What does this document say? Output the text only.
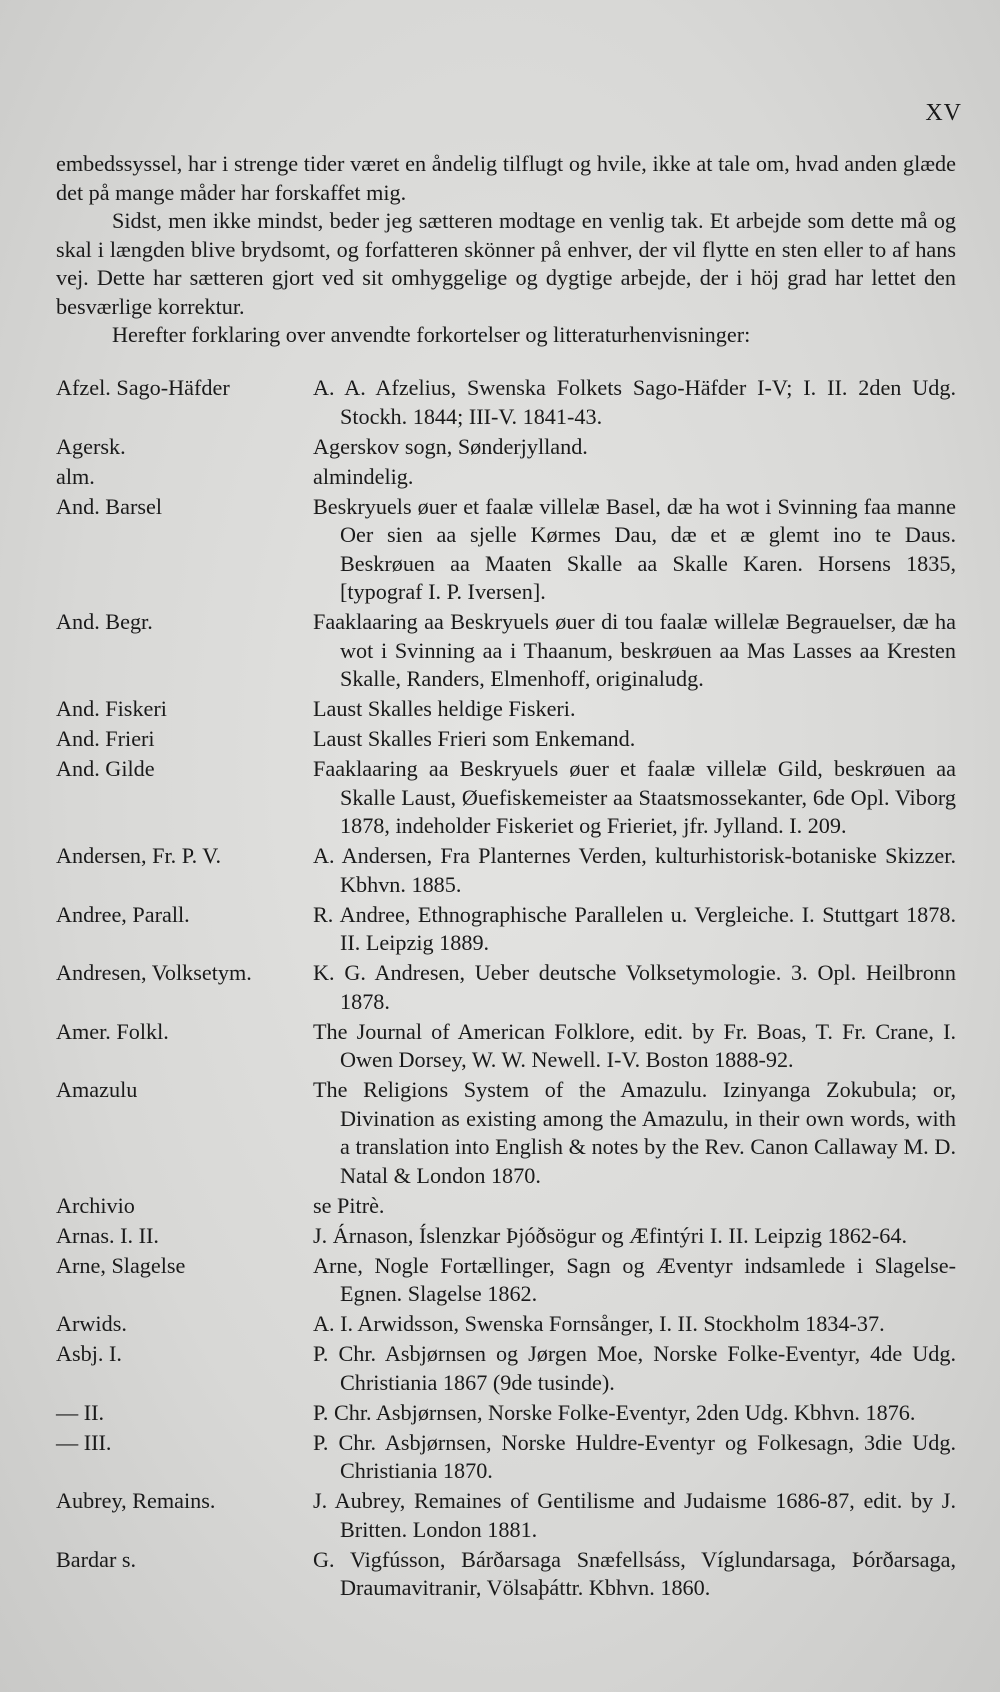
XV

embedssyssel, har i strenge tider været en åndelig tilflugt og hvile, ikke at tale om, hvad anden glæde det på mange måder har forskaffet mig.

Sidst, men ikke mindst, beder jeg sætteren modtage en venlig tak. Et arbejde som dette må og skal i længden blive brydsomt, og forfatteren skönner på enhver, der vil flytte en sten eller to af hans vej. Dette har sætteren gjort ved sit omhyggelige og dygtige arbejde, der i höj grad har lettet den besværlige korrektur.

Herefter forklaring over anvendte forkortelser og litteraturhenvisninger:

Afzel. Sago-Häfder	A. A. Afzelius, Swenska Folkets Sago-Häfder I-V; I. II. 2den Udg. Stockh. 1844; III-V. 1841-43.
Agersk.	Agerskov sogn, Sønderjylland.
alm.	almindelig.
And. Barsel	Beskryuels øuer et faalæ villelæ Basel, dæ ha wot i Svinning faa manne Oer sien aa sjelle Kørmes Dau, dæ et æ glemt ino te Daus. Beskrøuen aa Maaten Skalle aa Skalle Karen. Horsens 1835, [typograf I. P. Iversen].
And. Begr.	Faaklaaring aa Beskryuels øuer di tou faalæ willelæ Begrauelser, dæ ha wot i Svinning aa i Thaanum, beskrøuen aa Mas Lasses aa Kresten Skalle, Randers, Elmenhoff, originaludg.
And. Fiskeri	Laust Skalles heldige Fiskeri.
And. Frieri	Laust Skalles Frieri som Enkemand.
And. Gilde	Faaklaaring aa Beskryuels øuer et faalæ villelæ Gild, beskrøuen aa Skalle Laust, Øuefiskemeister aa Staatsmossekanter, 6de Opl. Viborg 1878, indeholder Fiskeriet og Frieriet, jfr. Jylland. I. 209.
Andersen, Fr. P. V.	A. Andersen, Fra Planternes Verden, kulturhistorisk-botaniske Skizzer. Kbhvn. 1885.
Andree, Parall.	R. Andree, Ethnographische Parallelen u. Vergleiche. I. Stuttgart 1878. II. Leipzig 1889.
Andresen, Volksetym.	K. G. Andresen, Ueber deutsche Volksetymologie. 3. Opl. Heilbronn 1878.
Amer. Folkl.	The Journal of American Folklore, edit. by Fr. Boas, T. Fr. Crane, I. Owen Dorsey, W. W. Newell. I-V. Boston 1888-92.
Amazulu	The Religions System of the Amazulu. Izinyanga Zokubula; or, Divination as existing among the Amazulu, in their own words, with a translation into English & notes by the Rev. Canon Callaway M. D. Natal & London 1870.
Archivio	se Pitrè.
Arnas. I. II.	J. Árnason, Íslenzkar Þjóðsögur og Æfintýri I. II. Leipzig 1862-64.
Arne, Slagelse	Arne, Nogle Fortællinger, Sagn og Æventyr indsamlede i Slagelse-Egnen. Slagelse 1862.
Arwids.	A. I. Arwidsson, Swenska Fornsånger, I. II. Stockholm 1834-37.
Asbj. I.	P. Chr. Asbjørnsen og Jørgen Moe, Norske Folke-Eventyr, 4de Udg. Christiania 1867 (9de tusinde).
— II.	P. Chr. Asbjørnsen, Norske Folke-Eventyr, 2den Udg. Kbhvn. 1876.
— III.	P. Chr. Asbjørnsen, Norske Huldre-Eventyr og Folkesagn, 3die Udg. Christiania 1870.
Aubrey, Remains.	J. Aubrey, Remaines of Gentilisme and Judaisme 1686-87, edit. by J. Britten. London 1881.
Bardar s.	G. Vigfússon, Bárðarsaga Snæfellsáss, Víglundarsaga, Þórðarsaga, Draumavitranir, Völsaþáttr. Kbhvn. 1860.
